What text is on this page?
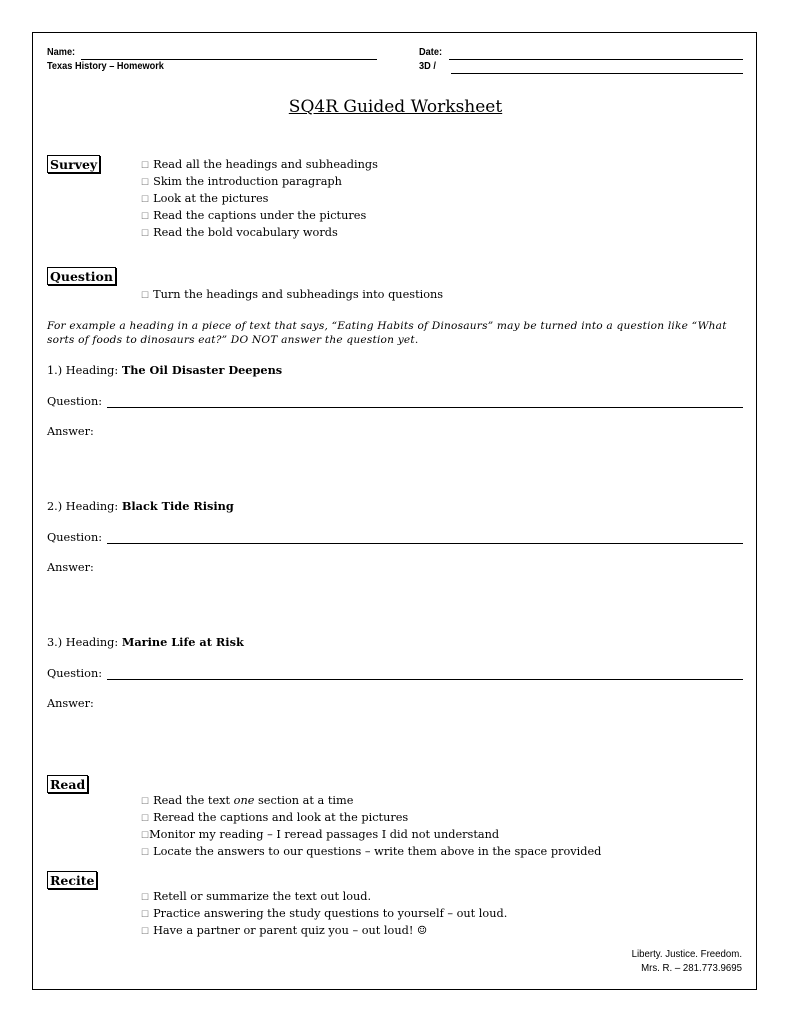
Name:
Texas History – Homework
Date:
3D /
SQ4R Guided Worksheet
Survey	☐ Read all the headings and subheadings
☐ Skim the introduction paragraph
☐ Look at the pictures
☐ Read the captions under the pictures
☐ Read the bold vocabulary words
Question
☐ Turn the headings and subheadings into questions
For example a heading in a piece of text that says, “Eating Habits of Dinosaurs” may be turned into a question like “What sorts of foods to dinosaurs eat?” DO NOT answer the question yet.
1.) Heading: The Oil Disaster Deepens
Question:
Answer:
2.) Heading: Black Tide Rising
Question:
Answer:
3.) Heading: Marine Life at Risk
Question:
Answer:
Read
☐ Read the text one section at a time
☐ Reread the captions and look at the pictures
☐Monitor my reading – I reread passages I did not understand
☐ Locate the answers to our questions – write them above in the space provided
Recite
☐ Retell or summarize the text out loud.
☐ Practice answering the study questions to yourself – out loud.
☐ Have a partner or parent quiz you – out loud! ☺
Liberty. Justice. Freedom.
Mrs. R. – 281.773.9695
